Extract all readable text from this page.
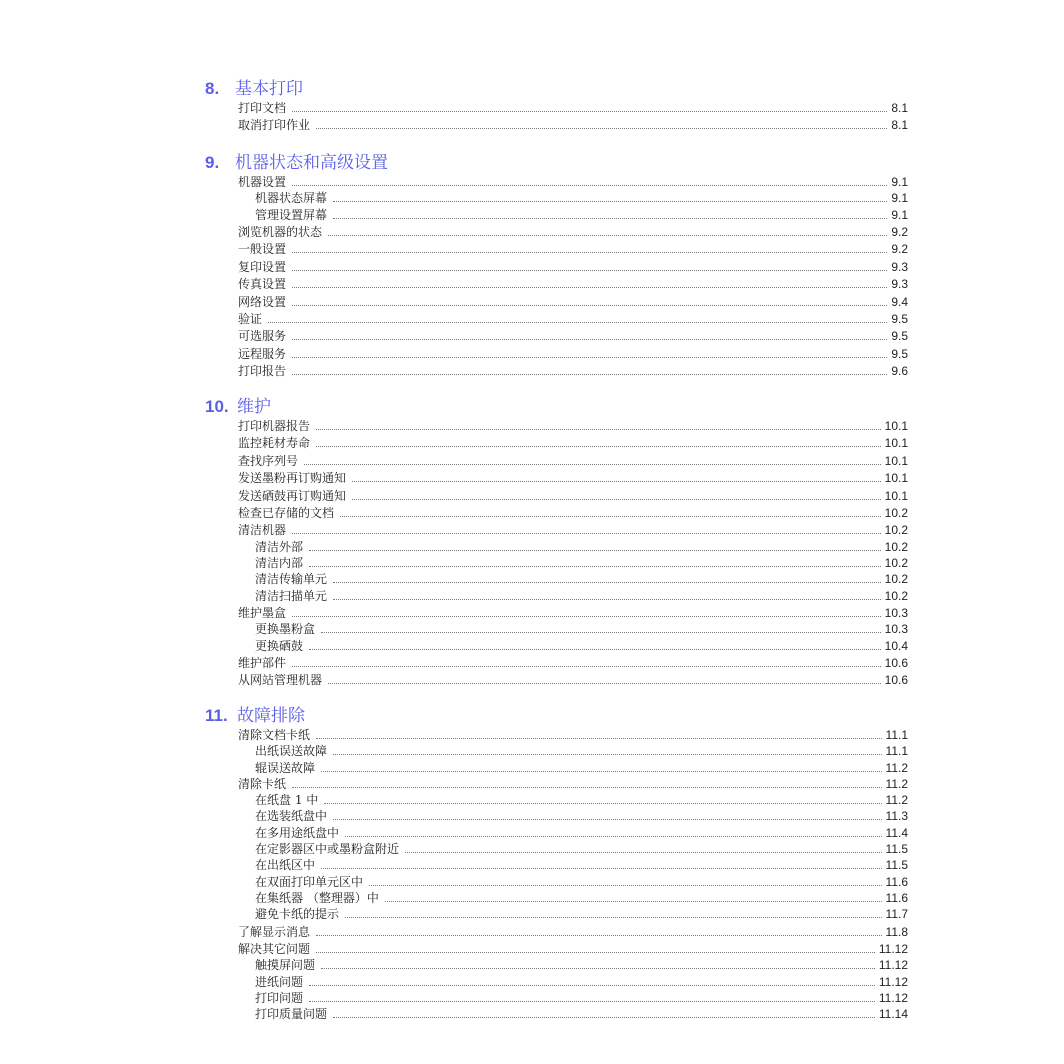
8. 基本打印
打印文档	8.1
取消打印作业	8.1
9. 机器状态和高级设置
机器设置	9.1
机器状态屏幕	9.1
管理设置屏幕	9.1
浏览机器的状态	9.2
一般设置	9.2
复印设置	9.3
传真设置	9.3
网络设置	9.4
验证	9.5
可选服务	9.5
远程服务	9.5
打印报告	9.6
10. 维护
打印机器报告	10.1
监控耗材寿命	10.1
查找序列号	10.1
发送墨粉再订购通知	10.1
发送硒鼓再订购通知	10.1
检查已存储的文档	10.2
清洁机器	10.2
清洁外部	10.2
清洁内部	10.2
清洁传输单元	10.2
清洁扫描单元	10.2
维护墨盒	10.3
更换墨粉盒	10.3
更换硒鼓	10.4
维护部件	10.6
从网站管理机器	10.6
11. 故障排除
清除文档卡纸	11.1
出纸误送故障	11.1
辊误送故障	11.2
清除卡纸	11.2
在纸盘 1 中	11.2
在选装纸盘中	11.3
在多用途纸盘中	11.4
在定影器区中或墨粉盒附近	11.5
在出纸区中	11.5
在双面打印单元区中	11.6
在集纸器 （整理器）中	11.6
避免卡纸的提示	11.7
了解显示消息	11.8
解决其它问题	11.12
触摸屏问题	11.12
进纸问题	11.12
打印问题	11.12
打印质量问题	11.14
